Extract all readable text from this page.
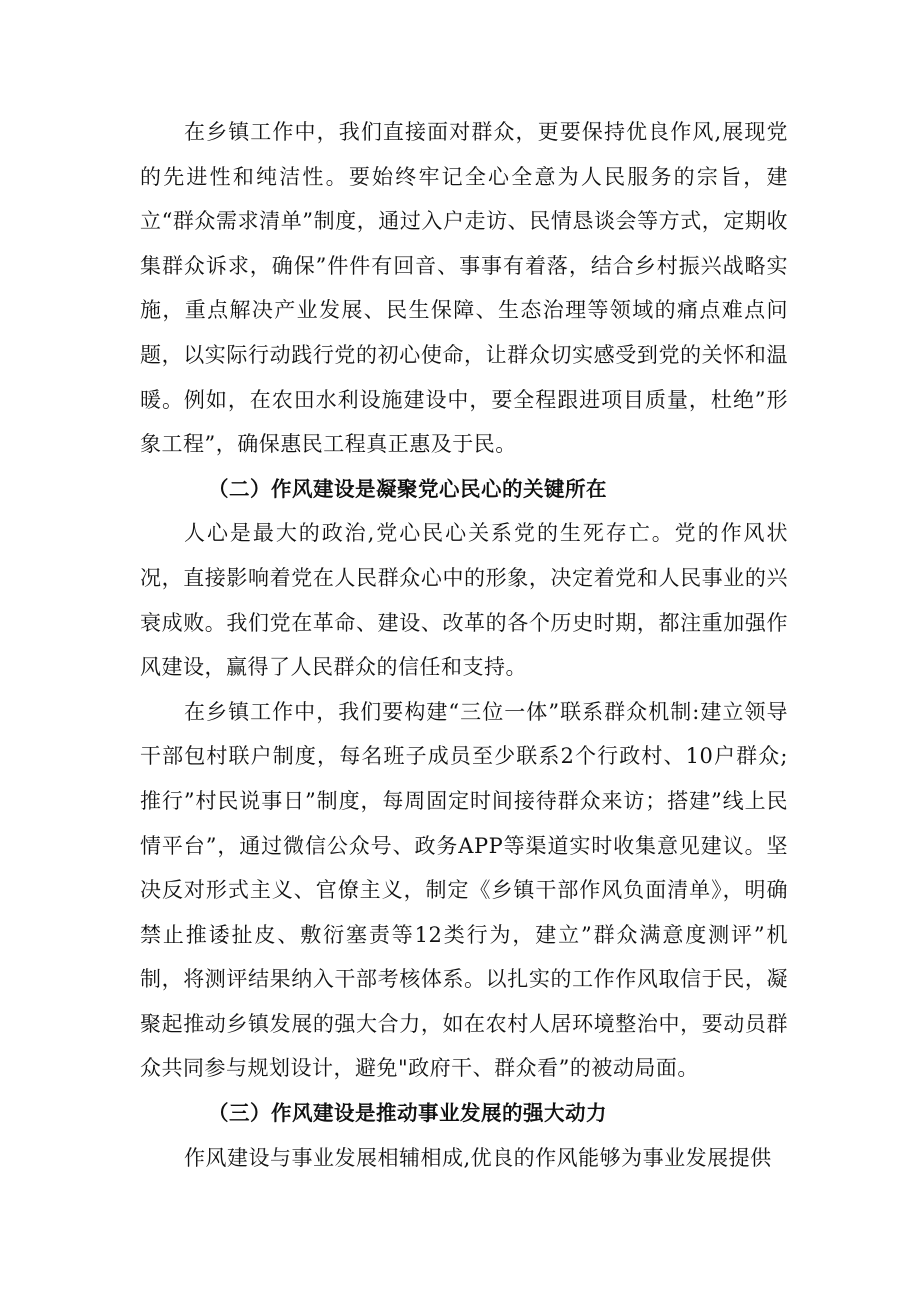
在乡镇工作中，我们直接面对群众，更要保持优良作风,展现党的先进性和纯洁性。要始终牢记全心全意为人民服务的宗旨，建立“群众需求清单”制度，通过入户走访、民情恳谈会等方式，定期收集群众诉求，确保”件件有回音、事事有着落，结合乡村振兴战略实施，重点解决产业发展、民生保障、生态治理等领域的痛点难点问题，以实际行动践行党的初心使命，让群众切实感受到党的关怀和温暖。例如，在农田水利设施建设中，要全程跟进项目质量，杜绝”形象工程”，确保惠民工程真正惠及于民。

（二）作风建设是凝聚党心民心的关键所在

人心是最大的政治,党心民心关系党的生死存亡。党的作风状况，直接影响着党在人民群众心中的形象，决定着党和人民事业的兴衰成败。我们党在革命、建设、改革的各个历史时期，都注重加强作风建设，赢得了人民群众的信任和支持。

在乡镇工作中，我们要构建“三位一体”联系群众机制:建立领导干部包村联户制度，每名班子成员至少联系2个行政村、10户群众;推行”村民说事日”制度，每周固定时间接待群众来访；搭建”线上民情平台”，通过微信公众号、政务APP等渠道实时收集意见建议。坚决反对形式主义、官僚主义，制定《乡镇干部作风负面清单》，明确禁止推诿扯皮、敷衍塞责等12类行为，建立”群众满意度测评”机制，将测评结果纳入干部考核体系。以扎实的工作作风取信于民，凝聚起推动乡镇发展的强大合力，如在农村人居环境整治中，要动员群众共同参与规划设计，避免"政府干、群众看”的被动局面。

（三）作风建设是推动事业发展的强大动力

作风建设与事业发展相辅相成,优良的作风能够为事业发展提供
